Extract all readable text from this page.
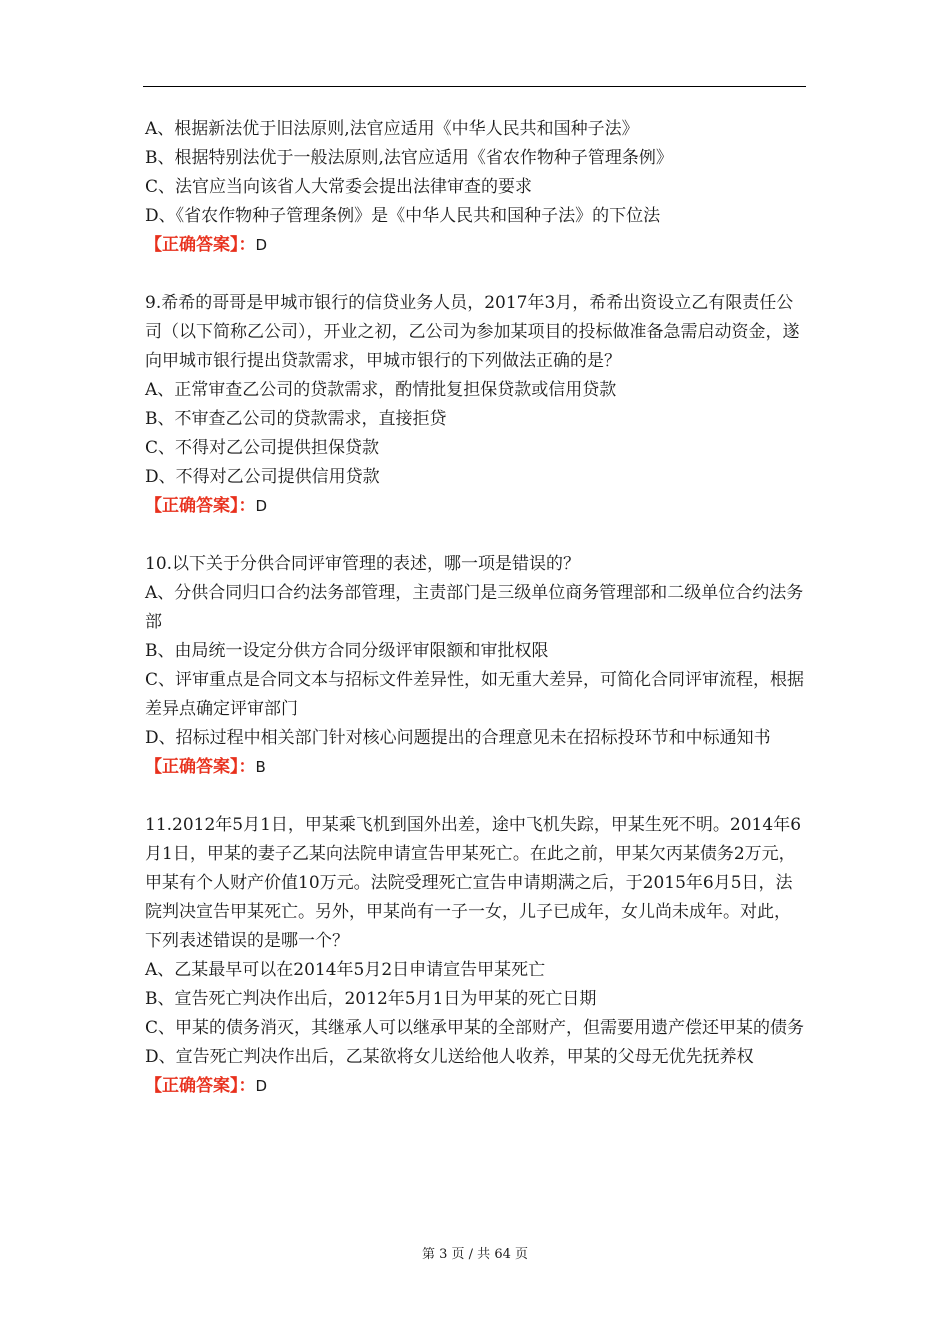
A、根据新法优于旧法原则,法官应适用《中华人民共和国种子法》
B、根据特别法优于一般法原则,法官应适用《省农作物种子管理条例》
C、法官应当向该省人大常委会提出法律审查的要求
D、《省农作物种子管理条例》是《中华人民共和国种子法》的下位法
【正确答案】：D
9.希希的哥哥是甲城市银行的信贷业务人员，2017年3月，希希出资设立乙有限责任公司（以下简称乙公司），开业之初，乙公司为参加某项目的投标做准备急需启动资金，遂向甲城市银行提出贷款需求，甲城市银行的下列做法正确的是？
A、正常审查乙公司的贷款需求，酌情批复担保贷款或信用贷款
B、不审查乙公司的贷款需求，直接拒贷
C、不得对乙公司提供担保贷款
D、不得对乙公司提供信用贷款
【正确答案】：D
10.以下关于分供合同评审管理的表述，哪一项是错误的？
A、分供合同归口合约法务部管理，主责部门是三级单位商务管理部和二级单位合约法务部
B、由局统一设定分供方合同分级评审限额和审批权限
C、评审重点是合同文本与招标文件差异性，如无重大差异，可简化合同评审流程，根据差异点确定评审部门
D、招标过程中相关部门针对核心问题提出的合理意见未在招标投环节和中标通知书
【正确答案】：B
11.2012年5月1日，甲某乘飞机到国外出差，途中飞机失踪，甲某生死不明。2014年6月1日，甲某的妻子乙某向法院申请宣告甲某死亡。在此之前，甲某欠丙某债务2万元，甲某有个人财产价值10万元。法院受理死亡宣告申请期满之后，于2015年6月5日，法院判决宣告甲某死亡。另外，甲某尚有一子一女，儿子已成年，女儿尚未成年。对此，下列表述错误的是哪一个？
A、乙某最早可以在2014年5月2日申请宣告甲某死亡
B、宣告死亡判决作出后，2012年5月1日为甲某的死亡日期
C、甲某的债务消灭，其继承人可以继承甲某的全部财产，但需要用遗产偿还甲某的债务
D、宣告死亡判决作出后，乙某欲将女儿送给他人收养，甲某的父母无优先抚养权
【正确答案】：D
第 3 页 / 共 64 页
